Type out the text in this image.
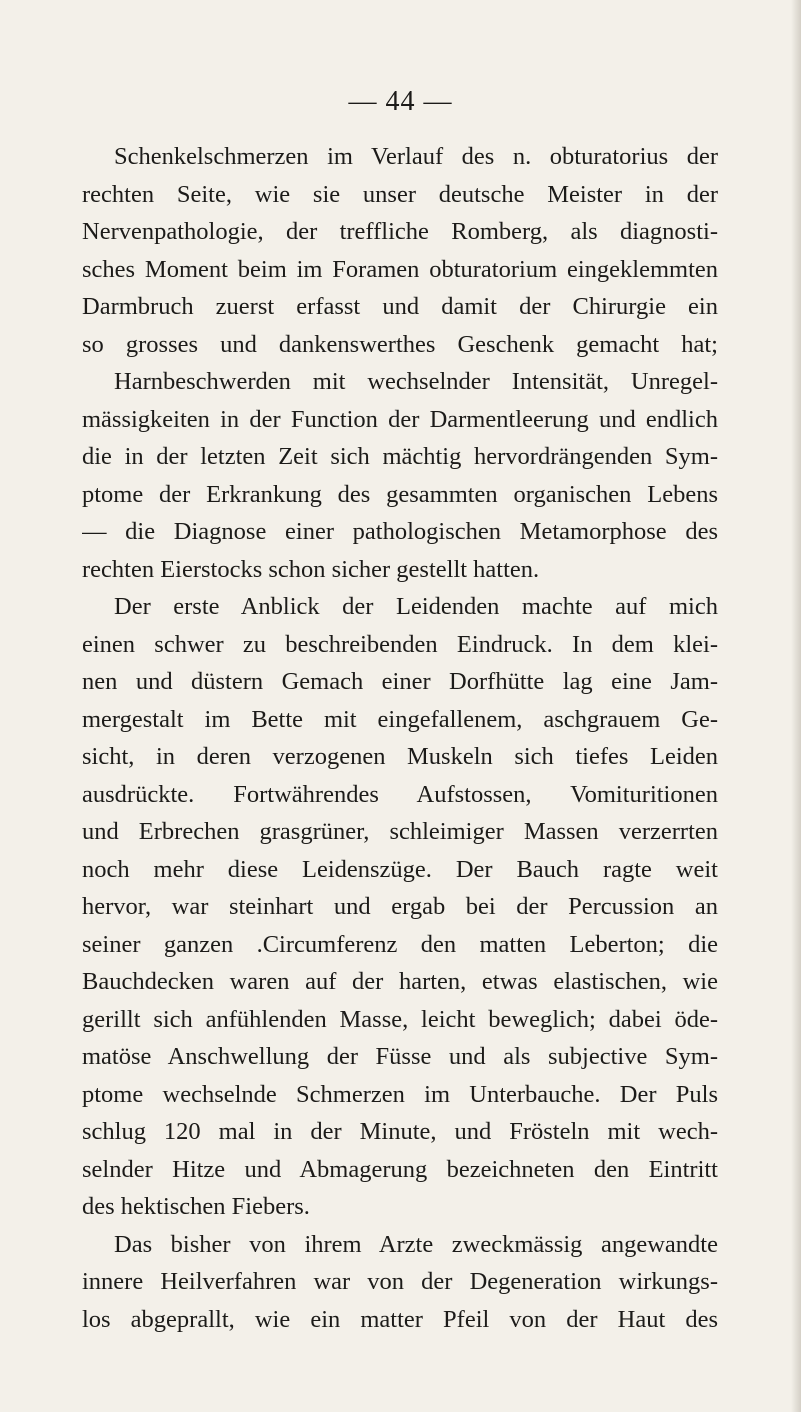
— 44 —
Schenkelschmerzen im Verlauf des n. obturatorius der
rechten Seite, wie sie unser deutsche Meister in der
Nervenpathologie, der treffliche Romberg, als diagnosti-
sches Moment beim im Foramen obturatorium eingeklemmten
Darmbruch zuerst erfasst und damit der Chirurgie ein
so grosses und dankenswerthes Geschenk gemacht hat;
Harnbeschwerden mit wechselnder Intensität, Unregel-
mässigkeiten in der Function der Darmentleerung und endlich
die in der letzten Zeit sich mächtig hervordrängenden Sym-
ptome der Erkrankung des gesammten organischen Lebens
— die Diagnose einer pathologischen Metamorphose des
rechten Eierstocks schon sicher gestellt hatten.
Der erste Anblick der Leidenden machte auf mich
einen schwer zu beschreibenden Eindruck. In dem klei-
nen und düstern Gemach einer Dorfhütte lag eine Jam-
mergestalt im Bette mit eingefallenem, aschgrauem Ge-
sicht, in deren verzogenen Muskeln sich tiefes Leiden
ausdrückte. Fortwährendes Aufstossen, Vomituritionen
und Erbrechen grasgrüner, schleimiger Massen verzerrten
noch mehr diese Leidenszüge. Der Bauch ragte weit
hervor, war steinhart und ergab bei der Percussion an
seiner ganzen .Circumferenz den matten Leberton; die
Bauchdecken waren auf der harten, etwas elastischen, wie
gerillt sich anfühlenden Masse, leicht beweglich; dabei öde-
matöse Anschwellung der Füsse und als subjective Sym-
ptome wechselnde Schmerzen im Unterbauche. Der Puls
schlug 120 mal in der Minute, und Frösteln mit wech-
selnder Hitze und Abmagerung bezeichneten den Eintritt
des hektischen Fiebers.
Das bisher von ihrem Arzte zweckmässig angewandte
innere Heilverfahren war von der Degeneration wirkungs-
los abgeprallt, wie ein matter Pfeil von der Haut des
